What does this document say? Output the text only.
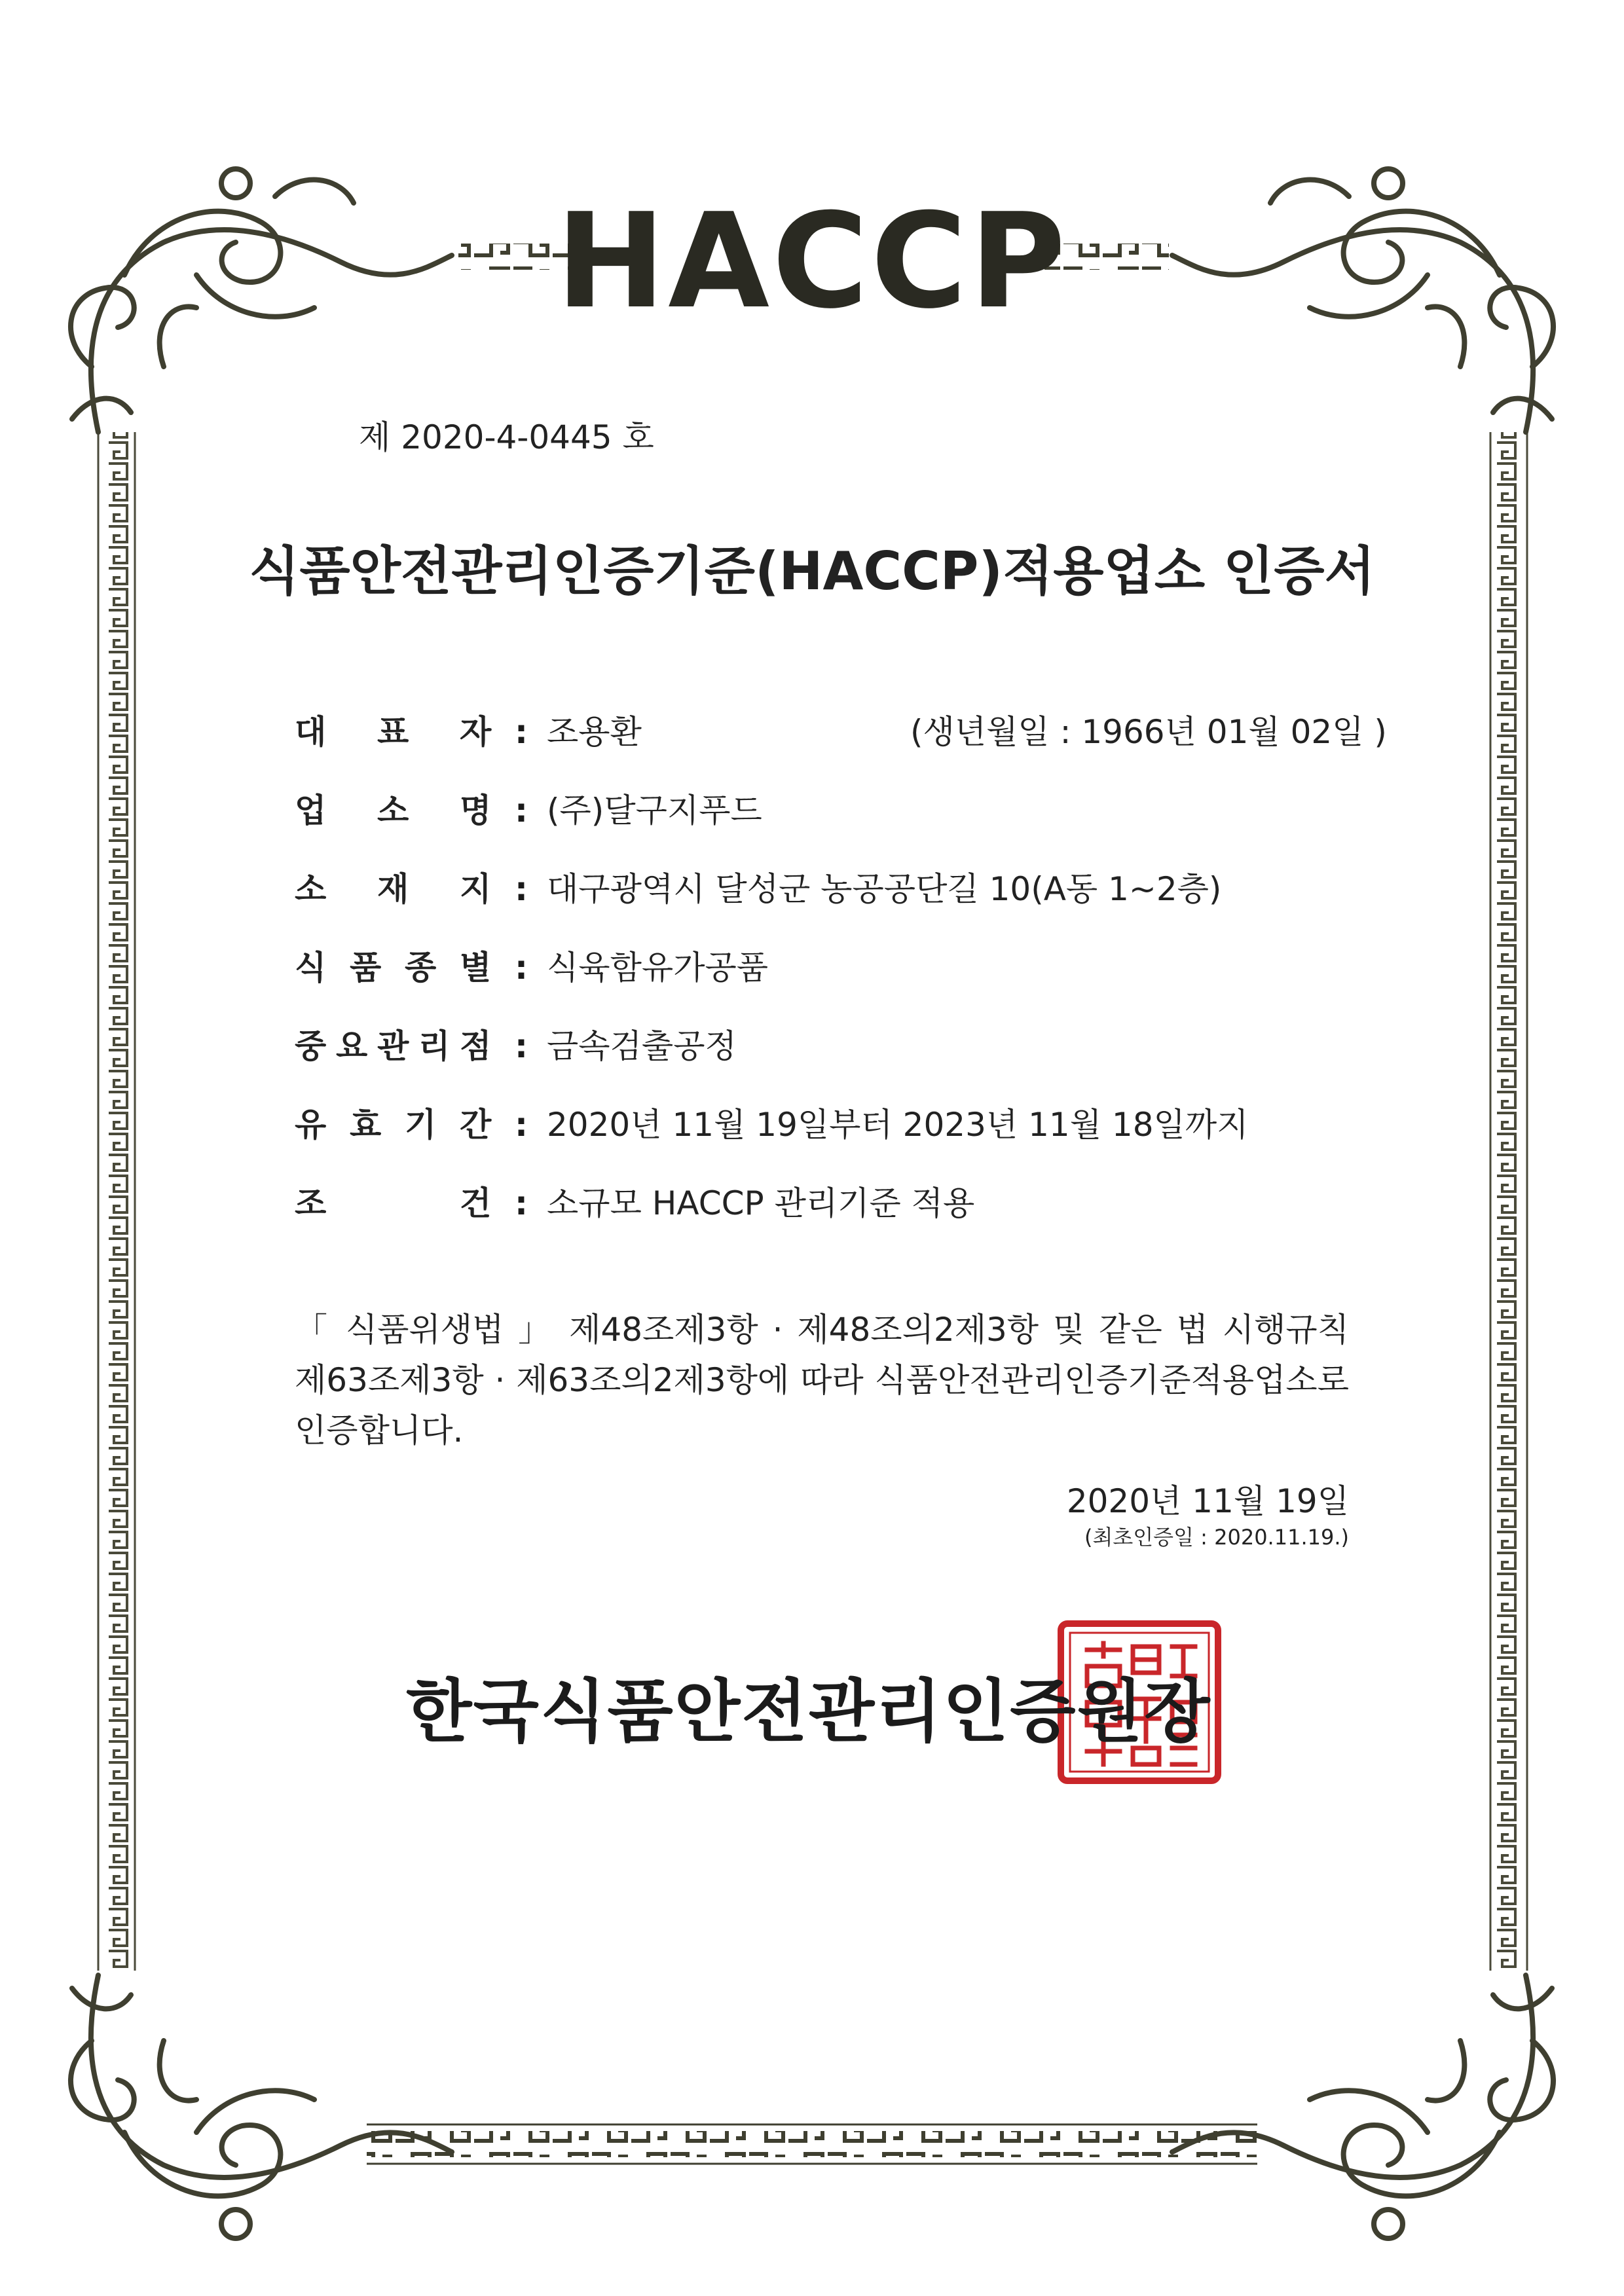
HACCP
제 2020-4-0445 호
식품안전관리인증기준(HACCP)적용업소 인증서
(생년월일 : 1966년 01월 02일 )
대 표 자 : 조용환
업 소 명 : (주)달구지푸드
소 재 지 : 대구광역시 달성군 농공공단길 10(A동 1~2층)
식 품 종 별 : 식육함유가공품
중 요 관 리 점 : 금속검출공정
유 효 기 간 : 2020년 11월 19일부터 2023년 11월 18일까지
조	건 : 소규모 HACCP 관리기준 적용
「 식품위생법 」 제48조제3항 · 제48조의2제3항 및 같은 법 시행규칙
제63조제3항 · 제63조의2제3항에 따라 식품안전관리인증기준적용업소로
인증합니다.
2020년 11월 19일
(최초인증일 : 2020.11.19.)
한국식품안전관리인증원장
